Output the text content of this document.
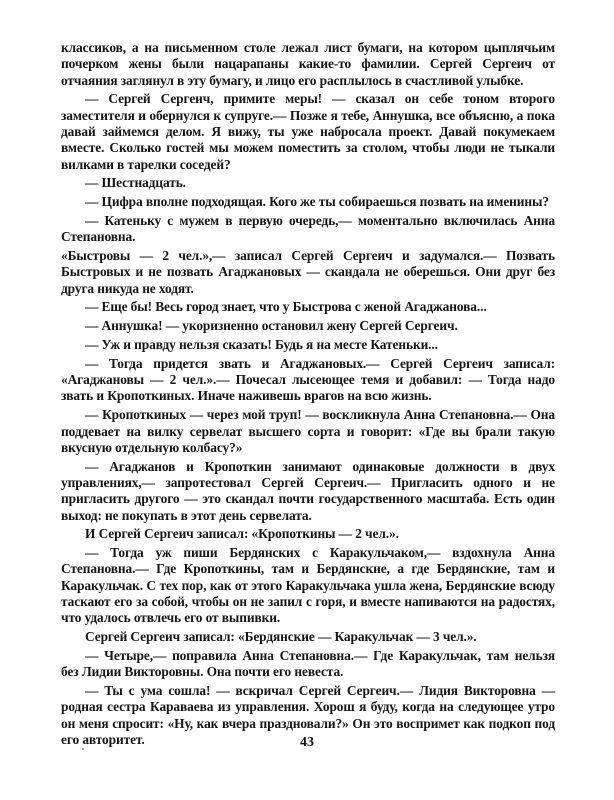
классиков, а на письменном столе лежал лист бумаги, на котором цыплячьим почерком жены были нацарапаны какие-то фамилии. Сергей Сергеич от отчаяния заглянул в эту бумагу, и лицо его расплылось в счастливой улыбке.

— Сергей Сергеич, примите меры! — сказал он себе тоном второго заместителя и обернулся к супруге.— Позже я тебе, Аннушка, все объясню, а пока давай займемся делом. Я вижу, ты уже набросала проект. Давай покумекаем вместе. Сколько гостей мы можем поместить за столом, чтобы люди не тыкали вилками в тарелки соседей?

— Шестнадцать.

— Цифра вполне подходящая. Кого же ты собираешься позвать на именины?

— Катеньку с мужем в первую очередь,— моментально включилась Анна Степановна.

«Быстровы — 2 чел.»,— записал Сергей Сергеич и задумался.— Позвать Быстровых и не позвать Агаджановых — скандала не оберешься. Они друг без друга никуда не ходят.

— Еще бы! Весь город знает, что у Быстрова с женой Агаджанова...

— Аннушка! — укоризненно остановил жену Сергей Сергеич.

— Уж и правду нельзя сказать! Будь я на месте Катеньки...

— Тогда придется звать и Агаджановых.— Сергей Сергеич записал: «Агаджановы — 2 чел.».— Почесал лысеющее темя и добавил: — Тогда надо звать и Кропоткиных. Иначе наживешь врагов на всю жизнь.

— Кропоткиных — через мой труп! — воскликнула Анна Степановна.— Она поддевает на вилку сервелат высшего сорта и говорит: «Где вы брали такую вкусную отдельную колбасу?»

— Агаджанов и Кропоткин занимают одинаковые должности в двух управлениях,— запротестовал Сергей Сергеич.— Пригласить одного и не пригласить другого — это скандал почти государственного масштаба. Есть один выход: не покупать в этот день сервелата.

И Сергей Сергеич записал: «Кропоткины — 2 чел.».

— Тогда уж пиши Бердянских с Каракульчаком,— вздохнула Анна Степановна.— Где Кропоткины, там и Бердянские, а где Бердянские, там и Каракульчак. С тех пор, как от этого Каракульчака ушла жена, Бердянские всюду таскают его за собой, чтобы он не запил с горя, и вместе напиваются на радостях, что удалось отвлечь его от выпивки.

Сергей Сергеич записал: «Бердянские — Каракульчак — 3 чел.».

— Четыре,— поправила Анна Степановна.— Где Каракульчак, там нельзя без Лидии Викторовны. Она почти его невеста.

— Ты с ума сошла! — вскричал Сергей Сергеич.— Лидия Викторовна — родная сестра Караваева из управления. Хорош я буду, когда на следующее утро он меня спросит: «Ну, как вчера праздновали?» Он это воспримет как подкоп под его авторитет.	43
